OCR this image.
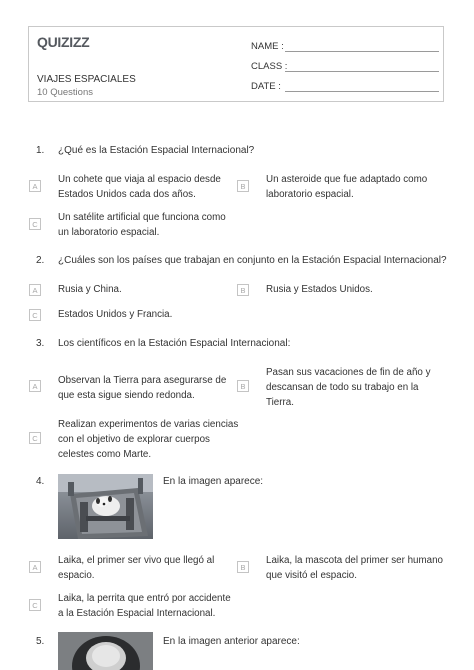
QUIZIZZ
VIAJES ESPACIALES
10 Questions
NAME :
CLASS :
DATE :
1. ¿Qué es la Estación Espacial Internacional?
A
Un cohete que viaja al espacio desde
Estados Unidos cada dos años.
B
Un asteroide que fue adaptado como
laboratorio espacial.
C
Un satélite artificial que funciona como
un laboratorio espacial.
2. ¿Cuáles son los países que trabajan en conjunto en la Estación Espacial Internacional?
A	Rusia y China.	B	Rusia y Estados Unidos.
C	Estados Unidos y Francia.
3. Los científicos en la Estación Espacial Internacional:
A
Observan la Tierra para asegurarse de
que esta sigue siendo redonda.
B
Pasan sus vacaciones de fin de año y
descansan de todo su trabajo en la
Tierra.
C
Realizan experimentos de varias ciencias
con el objetivo de explorar cuerpos
celestes como Marte.
4.	En la imagen aparece:
A
Laika, el primer ser vivo que llegó al
espacio.
B
Laika, la mascota del primer ser humano
que visitó el espacio.
C
Laika, la perrita que entró por accidente
a la Estación Espacial Internacional.
5.	En la imagen anterior aparece:
